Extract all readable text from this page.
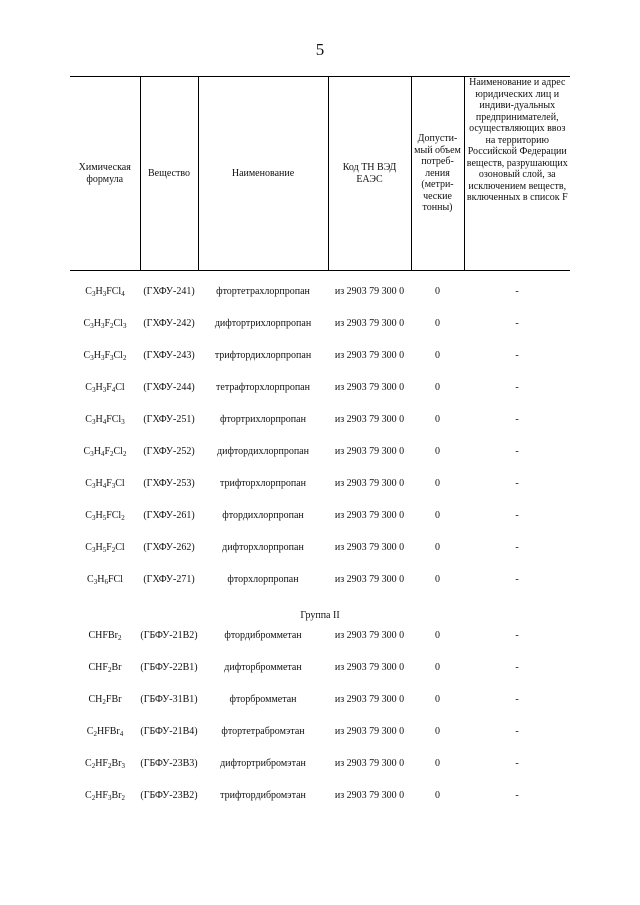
5
Химическая формула	Вещество	Наименование	Код ТН ВЭД ЕАЭС	Допусти-мый объем потреб-ления (метри-ческие тонны)	Наименование и адрес юридических лиц и индиви-дуальных предпринимателей, осуществляющих ввоз на территорию Российской Федерации веществ, разрушающих озоновый слой, за исключением веществ, включенных в список F
$C_3H_3FCl_4$	(ГХФУ-241)	фтортетрахлорпропан	из 2903 79 300 0	0	-
$C_3H_3F_2Cl_3$	(ГХФУ-242)	дифтортрихлорпропан	из 2903 79 300 0	0	-
$C_3H_3F_3Cl_2$	(ГХФУ-243)	трифтордихлорпропан	из 2903 79 300 0	0	-
$C_3H_3F_4Cl$	(ГХФУ-244)	тетрафторхлорпропан	из 2903 79 300 0	0	-
$C_3H_4FCl_3$	(ГХФУ-251)	фтортрихлорпропан	из 2903 79 300 0	0	-
$C_3H_4F_2Cl_2$	(ГХФУ-252)	дифтордихлорпропан	из 2903 79 300 0	0	-
$C_3H_4F_3Cl$	(ГХФУ-253)	трифторхлорпропан	из 2903 79 300 0	0	-
$C_3H_5FCl_2$	(ГХФУ-261)	фтордихлорпропан	из 2903 79 300 0	0	-
$C_3H_5F_2Cl$	(ГХФУ-262)	дифторхлорпропан	из 2903 79 300 0	0	-
$C_3H_6FCl$	(ГХФУ-271)	фторхлорпропан	из 2903 79 300 0	0	-
Группа II					
CHFBr$_2$	(ГБФУ-21B2)	фтордибромметан	из 2903 79 300 0	0	-
$CHF_2Br$	(ГБФУ-22B1)	дифторбромметан	из 2903 79 300 0	0	-
$CH_2FBr$	(ГБФУ-31B1)	фторбромметан	из 2903 79 300 0	0	-
$C_2HFBr_4$	(ГБФУ-21B4)	фтортетрабромэтан	из 2903 79 300 0	0	-
$C_2HF_2Br_3$	(ГБФУ-23B3)	дифтортрибромэтан	из 2903 79 300 0	0	-
$C_2HF_3Br_2$	(ГБФУ-23B2)	трифтордибромэтан	из 2903 79 300 0	0	-
